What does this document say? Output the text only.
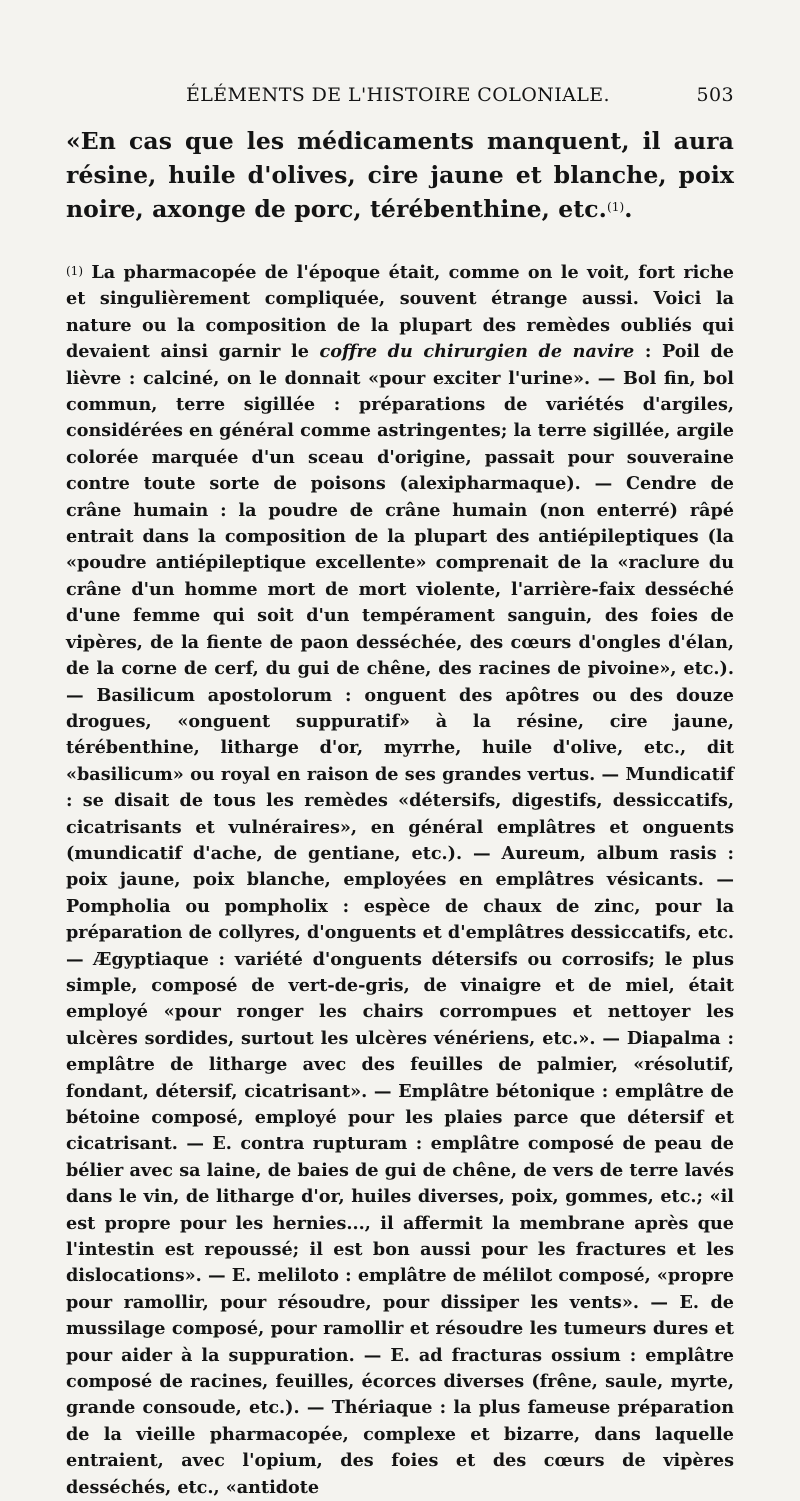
ÉLÉMENTS DE L'HISTOIRE COLONIALE.	503

«En cas que les médicaments manquent, il aura résine, huile d'olives, cire jaune et blanche, poix noire, axonge de porc, térébenthine, etc.$^{(1)}$.

$^{(1)}$ La pharmacopée de l'époque était, comme on le voit, fort riche et singulièrement compliquée, souvent étrange aussi. Voici la nature ou la composition de la plupart des remèdes oubliés qui devaient ainsi garnir le coffre du chirurgien de navire : Poil de lièvre : calciné, on le donnait «pour exciter l'urine». — Bol fin, bol commun, terre sigillée : préparations de variétés d'argiles, considérées en général comme astringentes; la terre sigillée, argile colorée marquée d'un sceau d'origine, passait pour souveraine contre toute sorte de poisons (alexipharmaque). — Cendre de crâne humain : la poudre de crâne humain (non enterré) râpé entrait dans la composition de la plupart des antiépileptiques (la «poudre antiépileptique excellente» comprenait de la «raclure du crâne d'un homme mort de mort violente, l'arrière-faix desséché d'une femme qui soit d'un tempérament sanguin, des foies de vipères, de la fiente de paon desséchée, des cœurs d'ongles d'élan, de la corne de cerf, du gui de chêne, des racines de pivoine», etc.). — Basilicum apostolorum : onguent des apôtres ou des douze drogues, «onguent suppuratif» à la résine, cire jaune, térébenthine, litharge d'or, myrrhe, huile d'olive, etc., dit «basilicum» ou royal en raison de ses grandes vertus. — Mundicatif : se disait de tous les remèdes «détersifs, digestifs, dessiccatifs, cicatrisants et vulnéraires», en général emplâtres et onguents (mundicatif d'ache, de gentiane, etc.). — Aureum, album rasis : poix jaune, poix blanche, employées en emplâtres vésicants. — Pompholia ou pompholix : espèce de chaux de zinc, pour la préparation de collyres, d'onguents et d'emplâtres dessiccatifs, etc. — Ægyptiaque : variété d'onguents détersifs ou corrosifs; le plus simple, composé de vert-de-gris, de vinaigre et de miel, était employé «pour ronger les chairs corrompues et nettoyer les ulcères sordides, surtout les ulcères vénériens, etc.». — Diapalma : emplâtre de litharge avec des feuilles de palmier, «résolutif, fondant, détersif, cicatrisant». — Emplâtre bétonique : emplâtre de bétoine composé, employé pour les plaies parce que détersif et cicatrisant. — E. contra rupturam : emplâtre composé de peau de bélier avec sa laine, de baies de gui de chêne, de vers de terre lavés dans le vin, de litharge d'or, huiles diverses, poix, gommes, etc.; «il est propre pour les hernies..., il affermit la membrane après que l'intestin est repoussé; il est bon aussi pour les fractures et les dislocations». — E. meliloto : emplâtre de mélilot composé, «propre pour ramollir, pour résoudre, pour dissiper les vents». — E. de mussilage composé, pour ramollir et résoudre les tumeurs dures et pour aider à la suppuration. — E. ad fracturas ossium : emplâtre composé de racines, feuilles, écorces diverses (frêne, saule, myrte, grande consoude, etc.). — Thériaque : la plus fameuse préparation de la vieille pharmacopée, complexe et bizarre, dans laquelle entraient, avec l'opium, des foies et des cœurs de vipères desséchés, etc., «antidote
